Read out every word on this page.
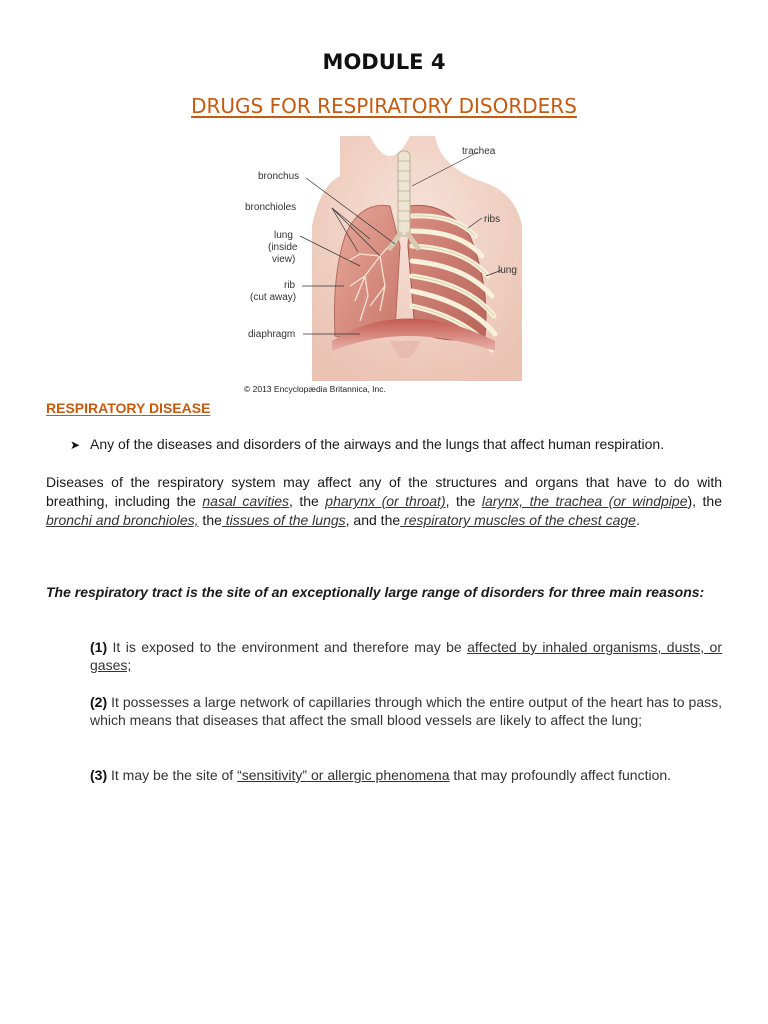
MODULE 4
DRUGS FOR RESPIRATORY DISORDERS
trachea
bronchus
bronchioles
ribs
lung
(inside
view)
lung
rib
(cut away)
diaphragm
© 2013 Encyclopædia Britannica, Inc.
RESPIRATORY DISEASE
➤ Any of the diseases and disorders of the airways and the lungs that affect human respiration.
Diseases of the respiratory system may affect any of the structures and organs that have to do with breathing, including the nasal cavities, the pharynx (or throat), the larynx, the trachea (or windpipe), the bronchi and bronchioles, the tissues of the lungs, and the respiratory muscles of the chest cage.
The respiratory tract is the site of an exceptionally large range of disorders for three main reasons:
(1) It is exposed to the environment and therefore may be affected by inhaled organisms, dusts, or gases;
(2) It possesses a large network of capillaries through which the entire output of the heart has to pass, which means that diseases that affect the small blood vessels are likely to affect the lung;
(3) It may be the site of “sensitivity” or allergic phenomena that may profoundly affect function.
